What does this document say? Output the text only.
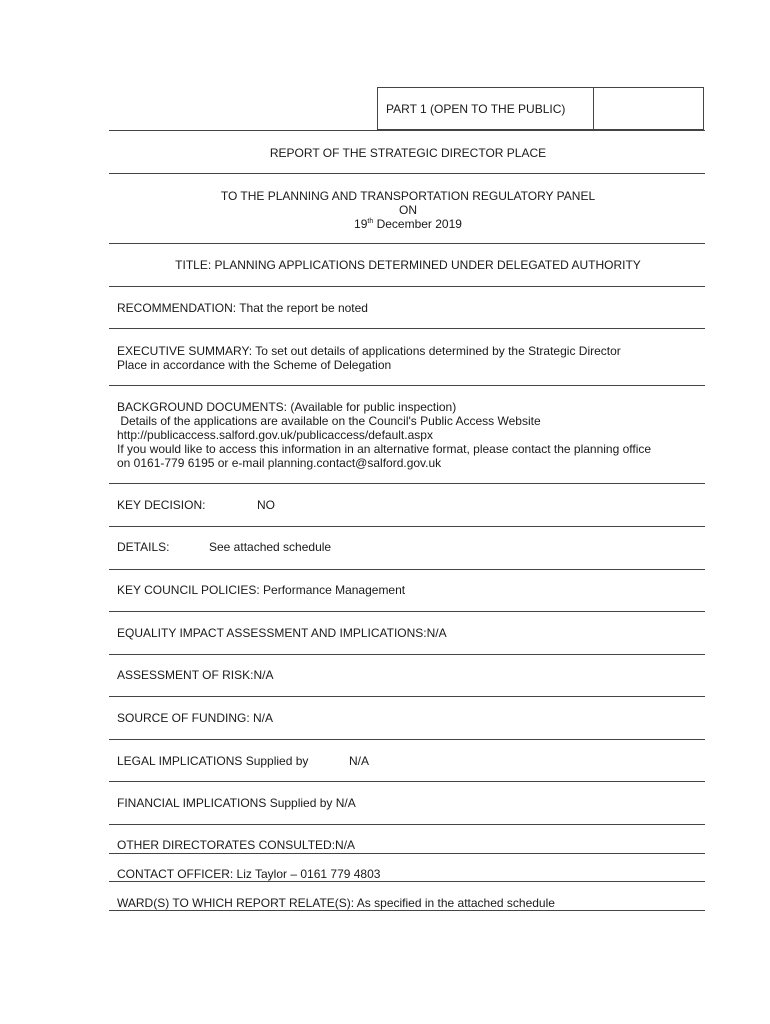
PART 1 (OPEN TO THE PUBLIC)
REPORT OF THE STRATEGIC DIRECTOR PLACE
TO THE PLANNING AND TRANSPORTATION REGULATORY PANEL
ON
19th December 2019
TITLE: PLANNING APPLICATIONS DETERMINED UNDER DELEGATED AUTHORITY
RECOMMENDATION: That the report be noted
EXECUTIVE SUMMARY: To set out details of applications determined by the Strategic Director
Place in accordance with the Scheme of Delegation
BACKGROUND DOCUMENTS: (Available for public inspection)
Details of the applications are available on the Council's Public Access Website
http://publicaccess.salford.gov.uk/publicaccess/default.aspx
If you would like to access this information in an alternative format, please contact the planning office
on 0161-779 6195 or e-mail planning.contact@salford.gov.uk
KEY DECISION:	NO
DETAILS:	See attached schedule
KEY COUNCIL POLICIES: Performance Management
EQUALITY IMPACT ASSESSMENT AND IMPLICATIONS:N/A
ASSESSMENT OF RISK:N/A
SOURCE OF FUNDING: N/A
LEGAL IMPLICATIONS Supplied by	N/A
FINANCIAL IMPLICATIONS Supplied by N/A
OTHER DIRECTORATES CONSULTED:N/A
CONTACT OFFICER: Liz Taylor – 0161 779 4803
WARD(S) TO WHICH REPORT RELATE(S): As specified in the attached schedule
